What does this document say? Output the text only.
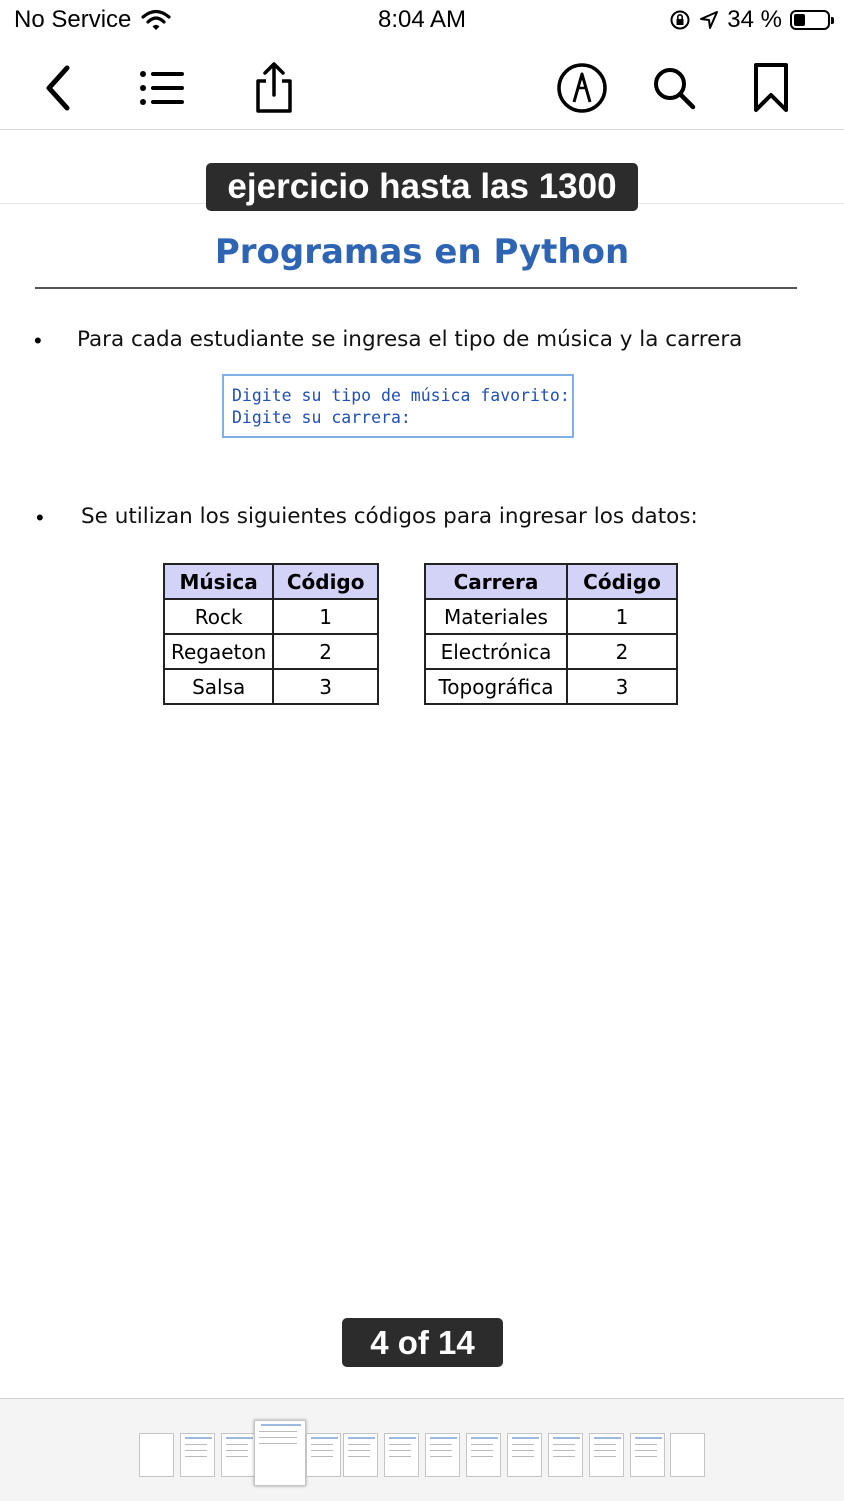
No Service	8:04 AM	34 %
ejercicio hasta las 1300
Programas en Python
• Para cada estudiante se ingresa el tipo de música y la carrera
Digite su tipo de música favorito:
Digite su carrera:
• Se utilizan los siguientes códigos para ingresar los datos:
Música	Código
Rock	1
Regaeton	2
Salsa	3
Carrera	Código
Materiales	1
Electrónica	2
Topográfica	3
4 of 14
